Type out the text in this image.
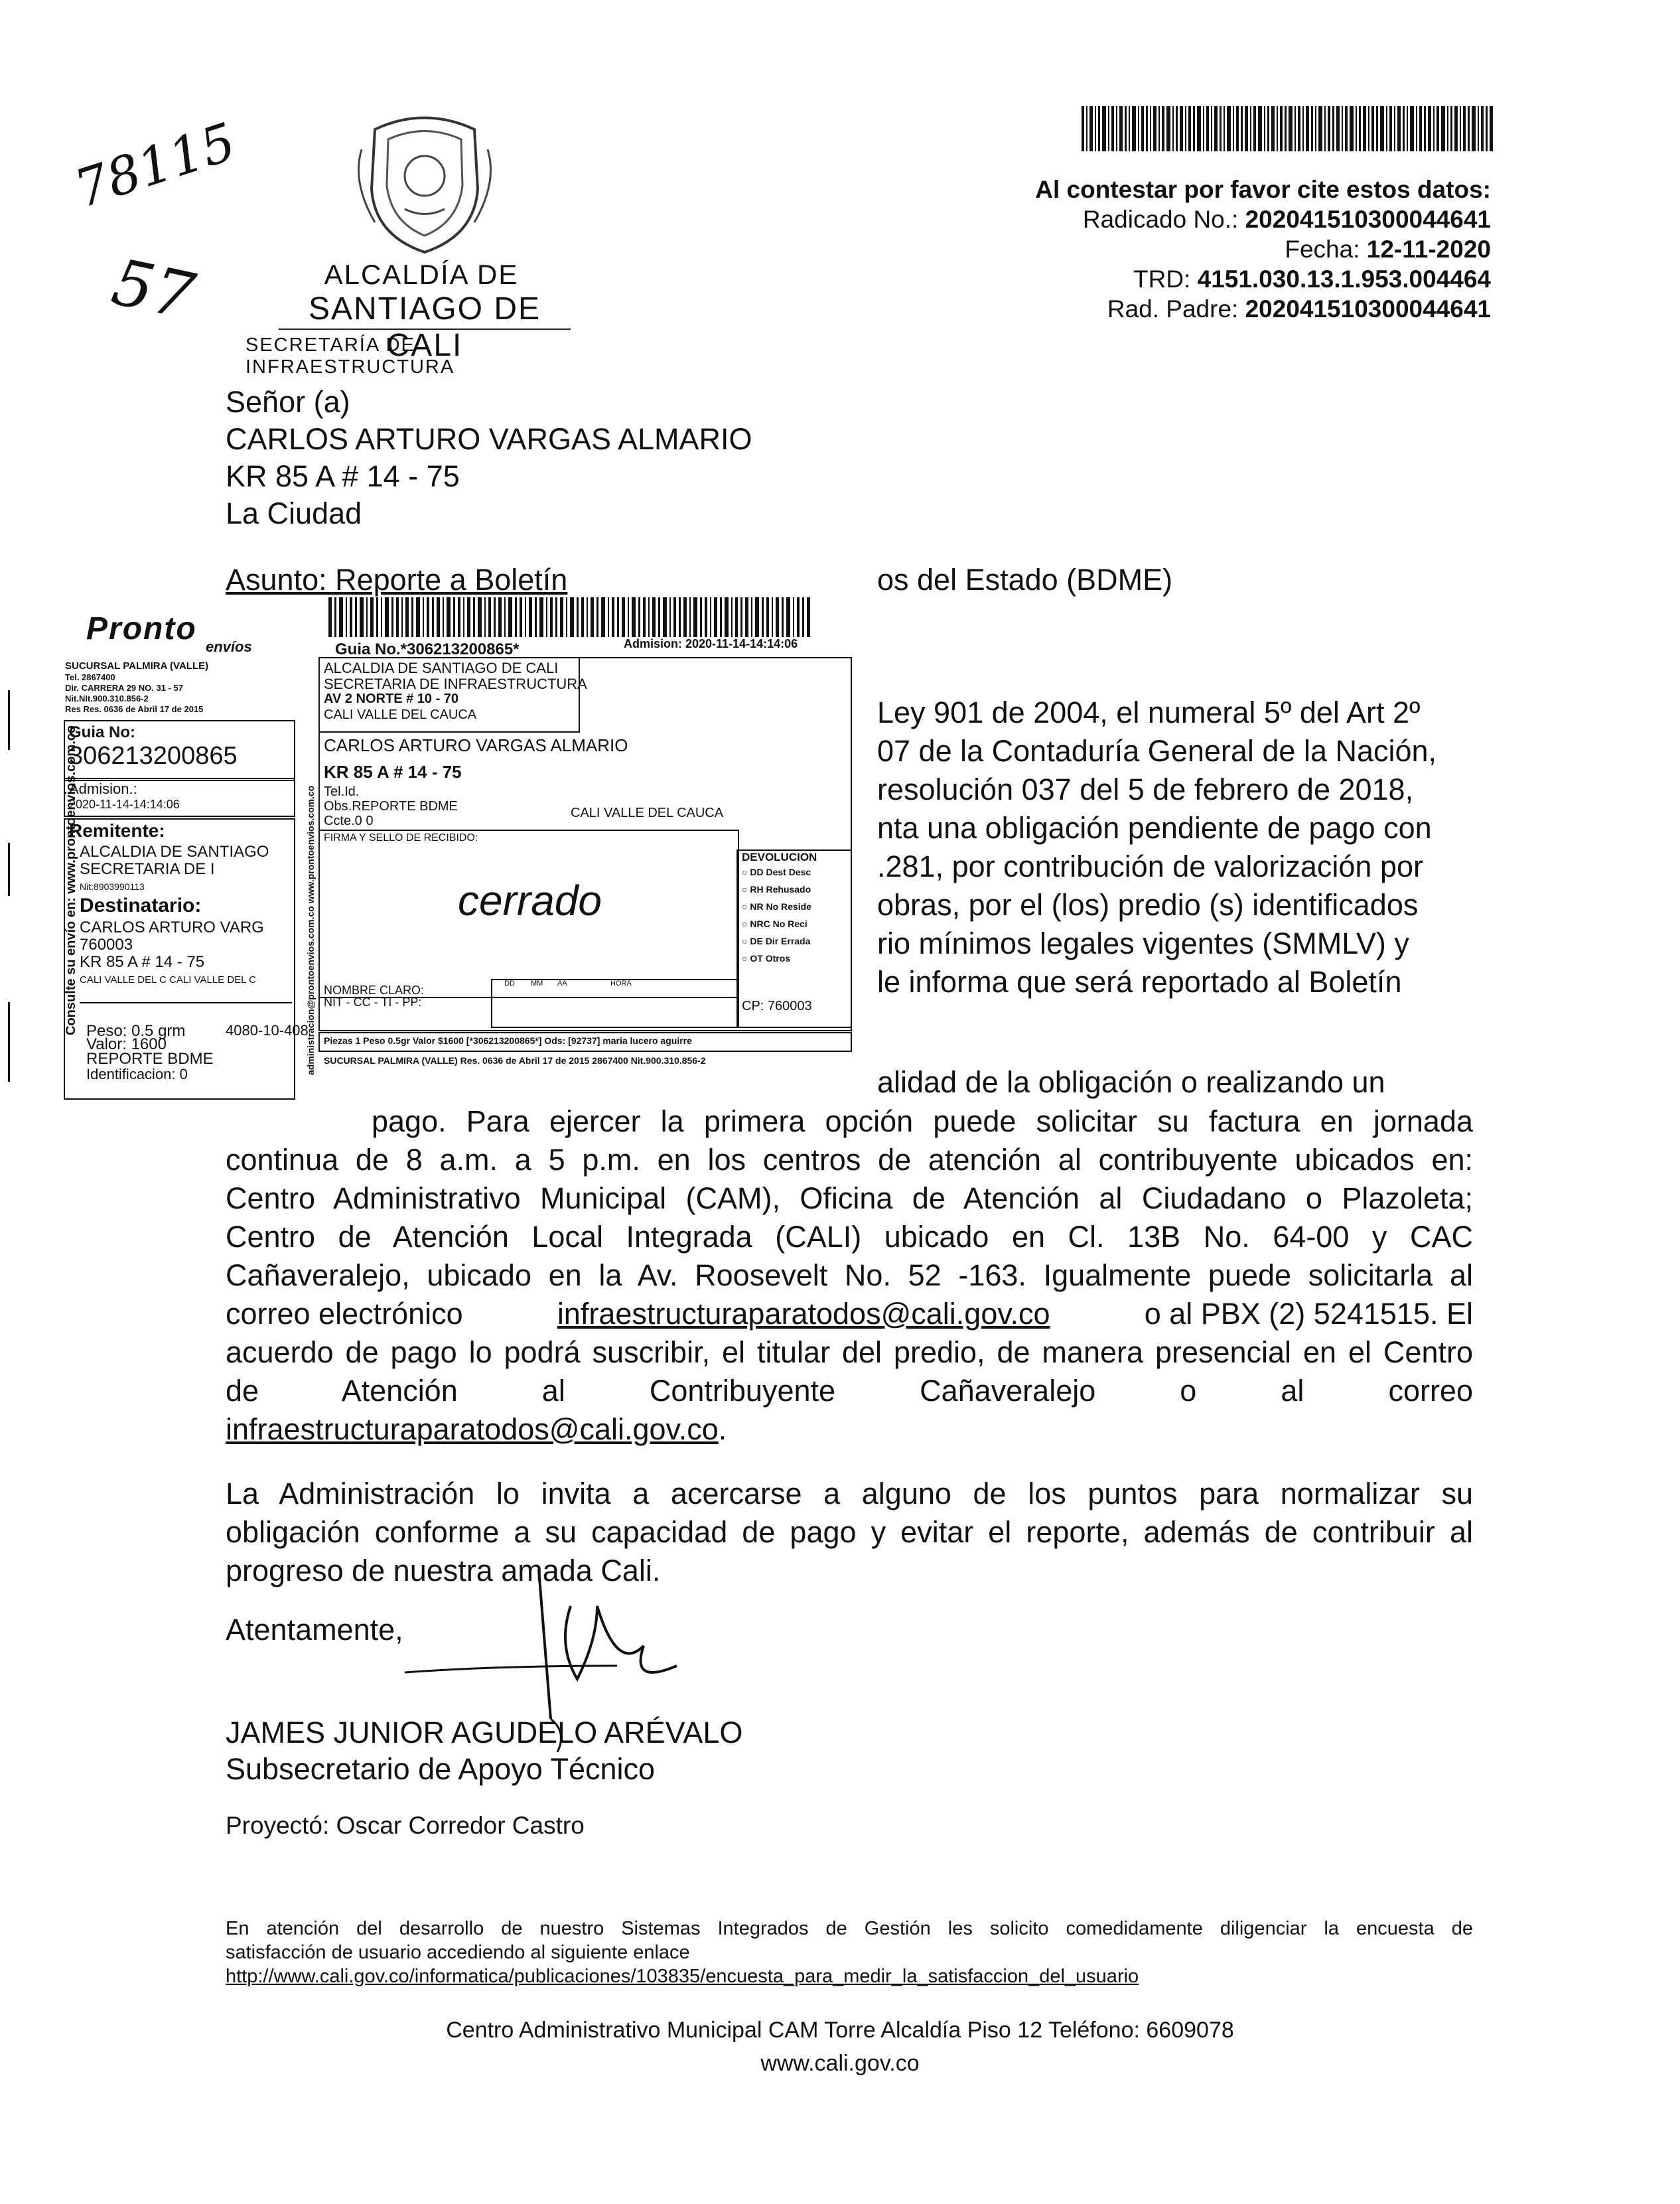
78115
57	ALCALDÍA DE
SANTIAGO DE CALI
SECRETARÍA DE INFRAESTRUCTURA
Al contestar por favor cite estos datos:
Radicado No.: 202041510300044641
Fecha: 12-11-2020
TRD: 4151.030.13.1.953.004464
Rad. Padre: 202041510300044641
Señor (a)
CARLOS ARTURO VARGAS ALMARIO
KR 85 A # 14 - 75
La Ciudad
Asunto: Reporte a Boletín	os del Estado (BDME)
Ley 901 de 2004, el numeral 5º del Art 2º
07 de la Contaduría General de la Nación,
resolución 037 del 5 de febrero de 2018,
nta una obligación pendiente de pago con
.281, por contribución de valorización por
obras, por el (los) predio (s) identificados
rio mínimos legales vigentes (SMMLV) y
le informa que será reportado al Boletín
alidad de la obligación o realizando un
pago. Para ejercer la primera opción puede solicitar su factura en jornada
continua de 8 a.m. a 5 p.m. en los centros de atención al contribuyente ubicados en:
Centro Administrativo Municipal (CAM), Oficina de Atención al Ciudadano o Plazoleta;
Centro de Atención Local Integrada (CALI) ubicado en Cl. 13B No. 64-00 y CAC
Cañaveralejo, ubicado en la Av. Roosevelt No. 52 -163. Igualmente puede solicitarla al
correo electrónico	infraestructuraparatodos@cali.gov.co	o al PBX (2) 5241515. El
acuerdo de pago lo podrá suscribir, el titular del predio, de manera presencial en el Centro
de Atención al Contribuyente Cañaveralejo o al correo
infraestructuraparatodos@cali.gov.co.
La Administración lo invita a acercarse a alguno de los puntos para normalizar su
obligación conforme a su capacidad de pago y evitar el reporte, además de contribuir al
progreso de nuestra amada Cali.
Atentamente,
JAMES JUNIOR AGUDELO ARÉVALO
Subsecretario de Apoyo Técnico
Proyectó: Oscar Corredor Castro
En atención del desarrollo de nuestro Sistemas Integrados de Gestión les solicito comedidamente diligenciar la encuesta de
satisfacción de usuario accediendo al siguiente enlace
http://www.cali.gov.co/informatica/publicaciones/103835/encuesta_para_medir_la_satisfaccion_del_usuario
Centro Administrativo Municipal CAM Torre Alcaldía Piso 12 Teléfono: 6609078
www.cali.gov.co
Pronto
envíos
SUCURSAL PALMIRA (VALLE)
Tel. 2867400
Dir. CARRERA 29 NO. 31 - 57
Nit.NIt.900.310.856-2
Res Res. 0636 de Abril 17 de 2015
Guia No:
306213200865
Admision.:
2020-11-14-14:14:06
Remitente:
ALCALDIA DE SANTIAGO
SECRETARIA DE I
Nit:8903990113
Destinatario:
CARLOS ARTURO VARG
760003
KR 85 A # 14 - 75
CALI VALLE DEL C CALI VALLE DEL C
Peso: 0.5 grm
Valor: 1600
REPORTE BDME
Identificacion: 0
4080-10-408
Consulte su envío en: www.prontoenvios.com.co
Guia No.*306213200865*	Admision: 2020-11-14-14:14:06
ALCALDIA DE SANTIAGO DE CALI
SECRETARIA DE INFRAESTRUCTURA
AV 2 NORTE # 10 - 70
CALI VALLE DEL CAUCA
CARLOS ARTURO VARGAS ALMARIO
KR 85 A # 14 - 75
Tel.Id.
Obs.REPORTE BDME	CALI VALLE DEL CAUCA
Ccte.0 0
FIRMA Y SELLO DE RECIBIDO:
cerrado
NOMBRE CLARO:
NIT - CC - TI - PP:
DD MM AA	HORA
DEVOLUCION
○ DD Dest Desc
○ RH Rehusado
○ NR No Reside
○ NRC No Reci
○ DE Dir Errada
○ OT Otros
CP: 760003
Piezas 1 Peso 0.5gr Valor $1600 [*306213200865*] Ods: [92737] maria lucero aguirre
SUCURSAL PALMIRA (VALLE) Res. 0636 de Abril 17 de 2015 2867400 Nit.900.310.856-2
administracion@prontoenvios.com.co www.prontoenvios.com.co
